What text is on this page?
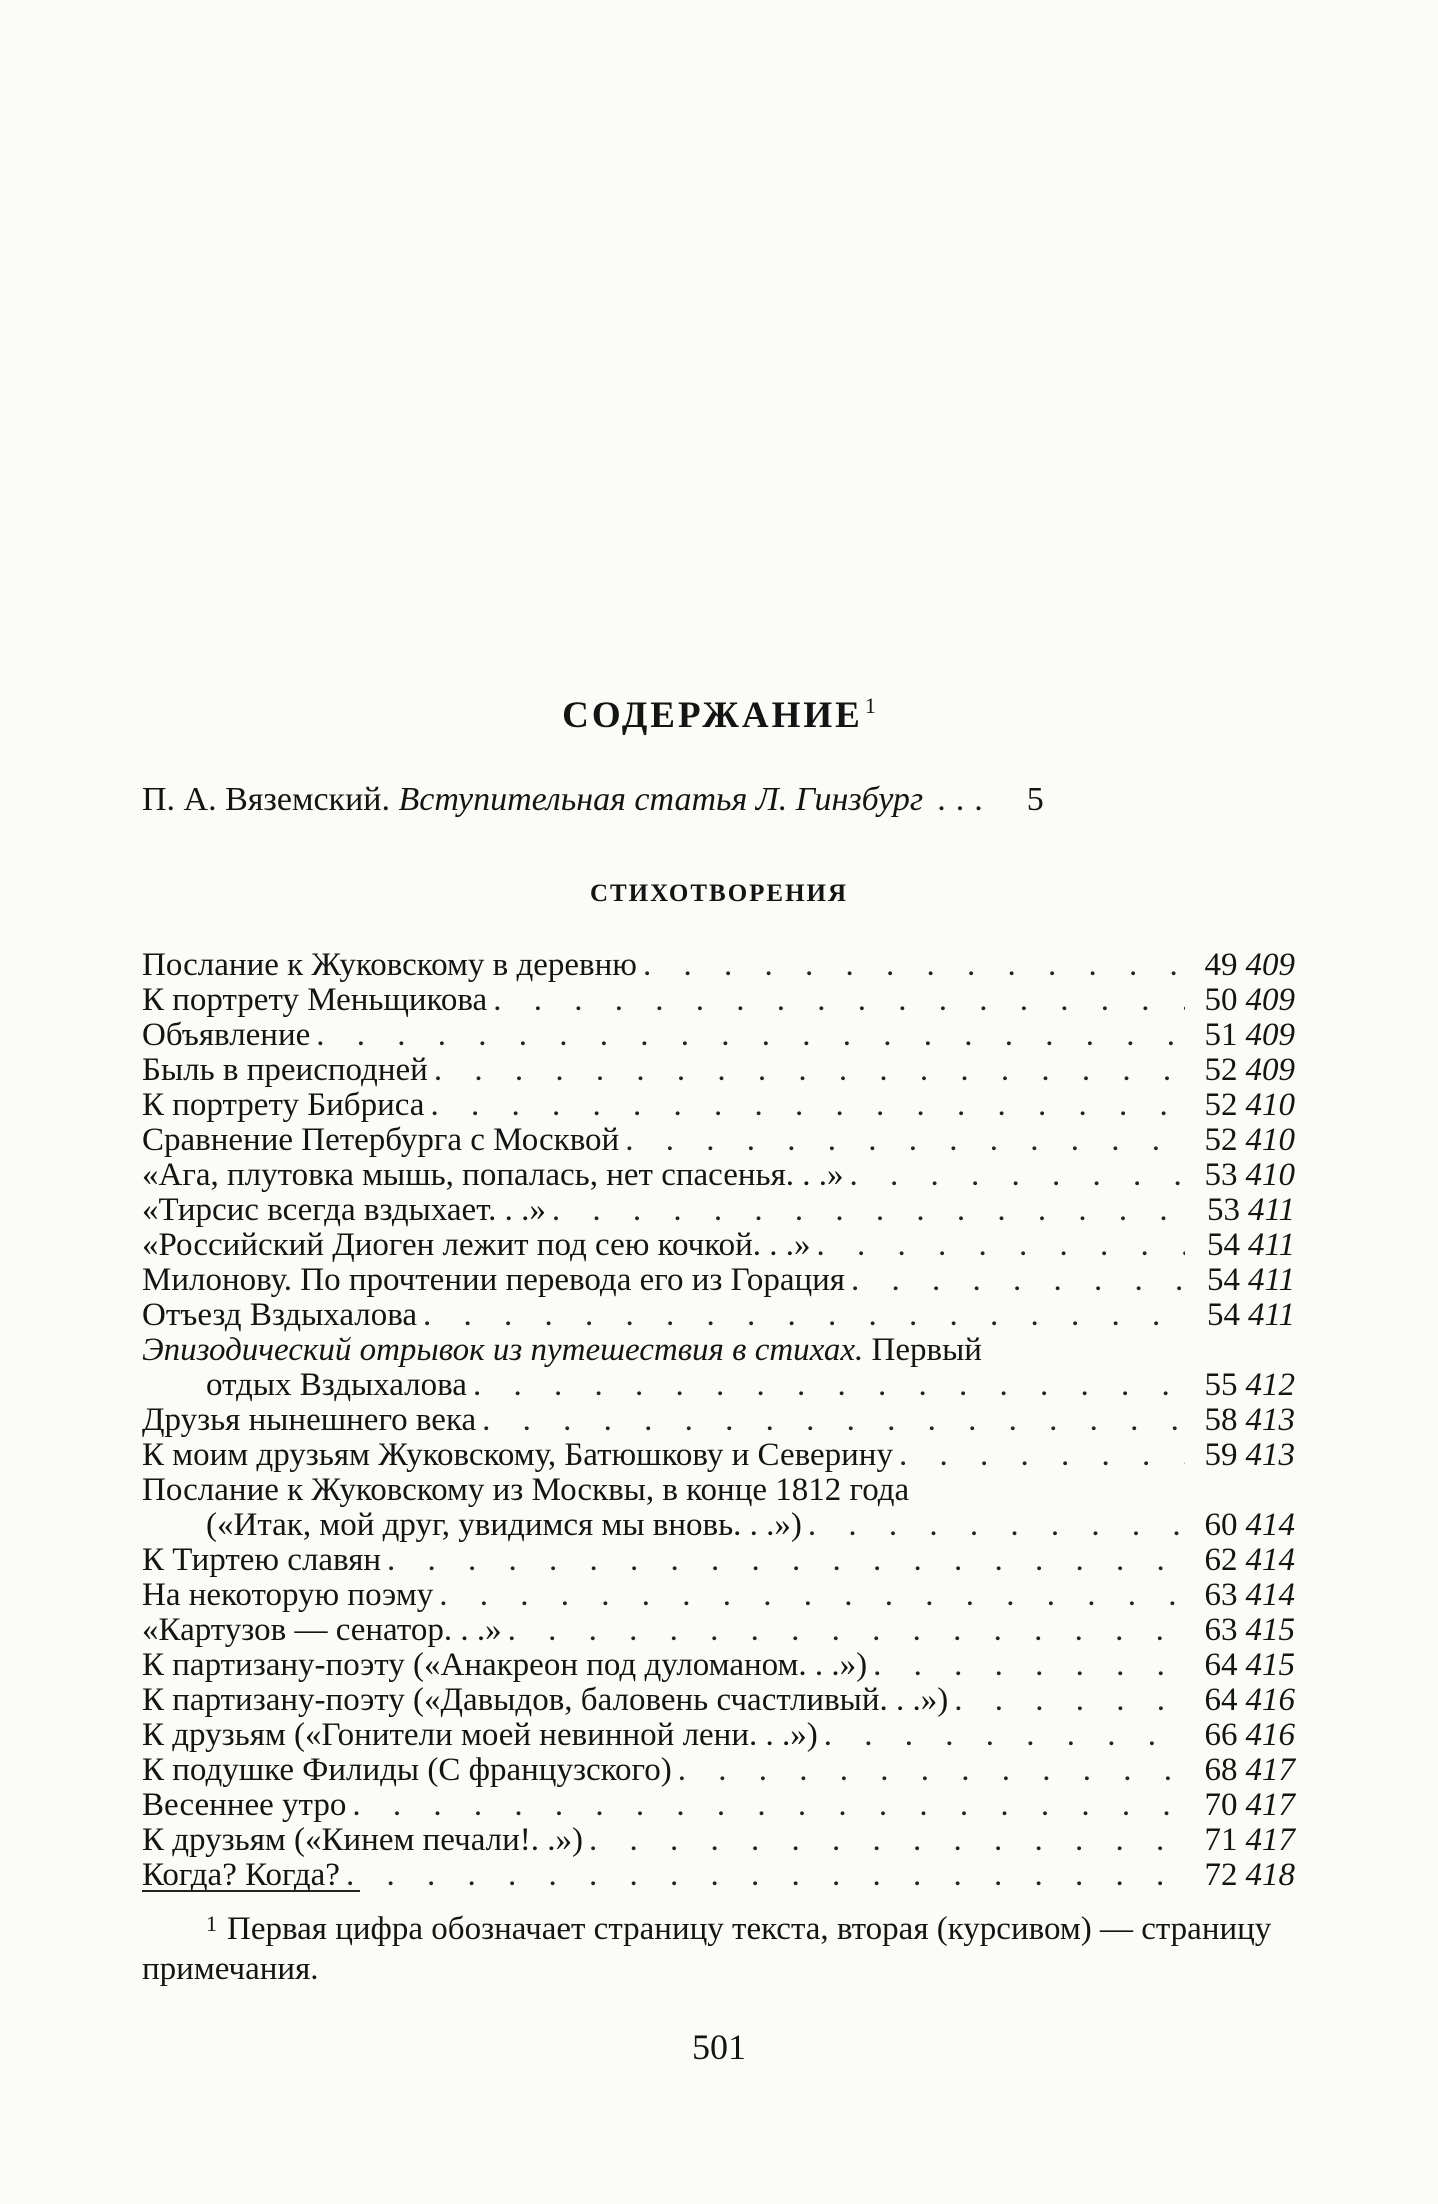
СОДЕРЖАНИЕ$^1$
П. А. Вяземский. Вступительная статья Л. Гинзбург ... 5
СТИХОТВОРЕНИЯ
Послание к Жуковскому в деревню . . .	49 409
К портрету Меньщикова . . .	50 409
Объявление . . .	51 409
Быль в преисподней . . .	52 409
К портрету Бибриса . . .	52 410
Сравнение Петербурга с Москвой . . .	52 410
«Ага, плутовка мышь, попалась, нет спасенья. . .» . . .	53 410
«Тирсис всегда вздыхает. . .» . . .	53 411
«Российский Диоген лежит под сею кочкой. . .» . . .	54 411
Милонову. По прочтении перевода его из Горация . . .	54 411
Отъезд Вздыхалова . . .	54 411
Эпизодический отрывок из путешествия в стихах. Первый
отдых Вздыхалова . . .	55 412
Друзья нынешнего века . . .	58 413
К моим друзьям Жуковскому, Батюшкову и Северину . . .	59 413
Послание к Жуковскому из Москвы, в конце 1812 года
(«Итак, мой друг, увидимся мы вновь. . .») . . .	60 414
К Тиртею славян . . .	62 414
На некоторую поэму . . .	63 414
«Картузов — сенатор. . .» . . .	63 415
К партизану-поэту («Анакреон под дуломаном. . .») . . .	64 415
К партизану-поэту («Давыдов, баловень счастливый. . .») . . .	64 416
К друзьям («Гонители моей невинной лени. . .») . . .	66 416
К подушке Филиды (С французского) . . .	68 417
Весеннее утро . . .	70 417
К друзьям («Кинем печали!. .») . . .	71 417
Когда? Когда? . . .	72 418
$^1$ Первая цифра обозначает страницу текста, вторая (курсивом) — страницу примечания.
501
